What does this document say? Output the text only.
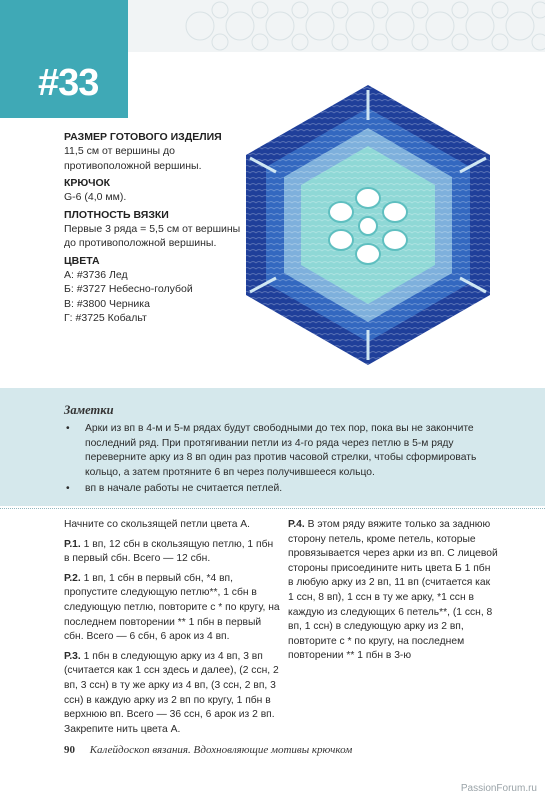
#33
РАЗМЕР ГОТОВОГО ИЗДЕЛИЯ

11,5 см от вершины до противоположной вершины.

КРЮЧОК

G-6 (4,0 мм).

ПЛОТНОСТЬ ВЯЗКИ

Первые 3 ряда = 5,5 см от вершины до противоположной вершины.

ЦВЕТА
А: #3736 Лед
Б: #3727 Небесно-голубой
В: #3800 Черника
Г: #3725 Кобальт
Заметки
• Арки из вп в 4-м и 5-м рядах будут свободными до тех пор, пока вы не закончите последний ряд. При протягивании петли из 4-го ряда через петлю в 5-м ряду переверните арку из 8 вп один раз против часовой стрелки, чтобы сформировать кольцо, а затем протяните 6 вп через получившееся кольцо.
• вп в начале работы не считается петлей.

Начните со скользящей петли цвета А.

Р.1. 1 вп, 12 сбн в скользящую петлю, 1 пбн в первый сбн. Всего — 12 сбн.

Р.2. 1 вп, 1 сбн в первый сбн, *4 вп, пропустите следующую петлю**, 1 сбн в следующую петлю, повторите с * по кругу, на последнем повторении ** 1 пбн в первый сбн. Всего — 6 сбн, 6 арок из 4 вп.

Р.3. 1 пбн в следующую арку из 4 вп, 3 вп (считается как 1 ссн здесь и далее), (2 ссн, 2 вп, 3 ссн) в ту же арку из 4 вп, (3 ссн, 2 вп, 3 ссн) в каждую арку из 2 вп по кругу, 1 пбн в верхнюю вп. Всего — 36 ссн, 6 арок из 2 вп. Закрепите нить цвета А.

Р.4. В этом ряду вяжите только за заднюю сторону петель, кроме петель, которые провязывается через арки из вп. С лицевой стороны присоедините нить цвета Б 1 пбн в любую арку из 2 вп, 11 вп (считается как 1 ссн, 8 вп), 1 ссн в ту же арку, *1 ссн в каждую из следующих 6 петель**, (1 ссн, 8 вп, 1 ссн) в следующую арку из 2 вп, повторите с * по кругу, на последнем повторении ** 1 пбн в 3-ю

90 Калейдоскоп вязания. Вдохновляющие мотивы крючком
PassionForum.ru
